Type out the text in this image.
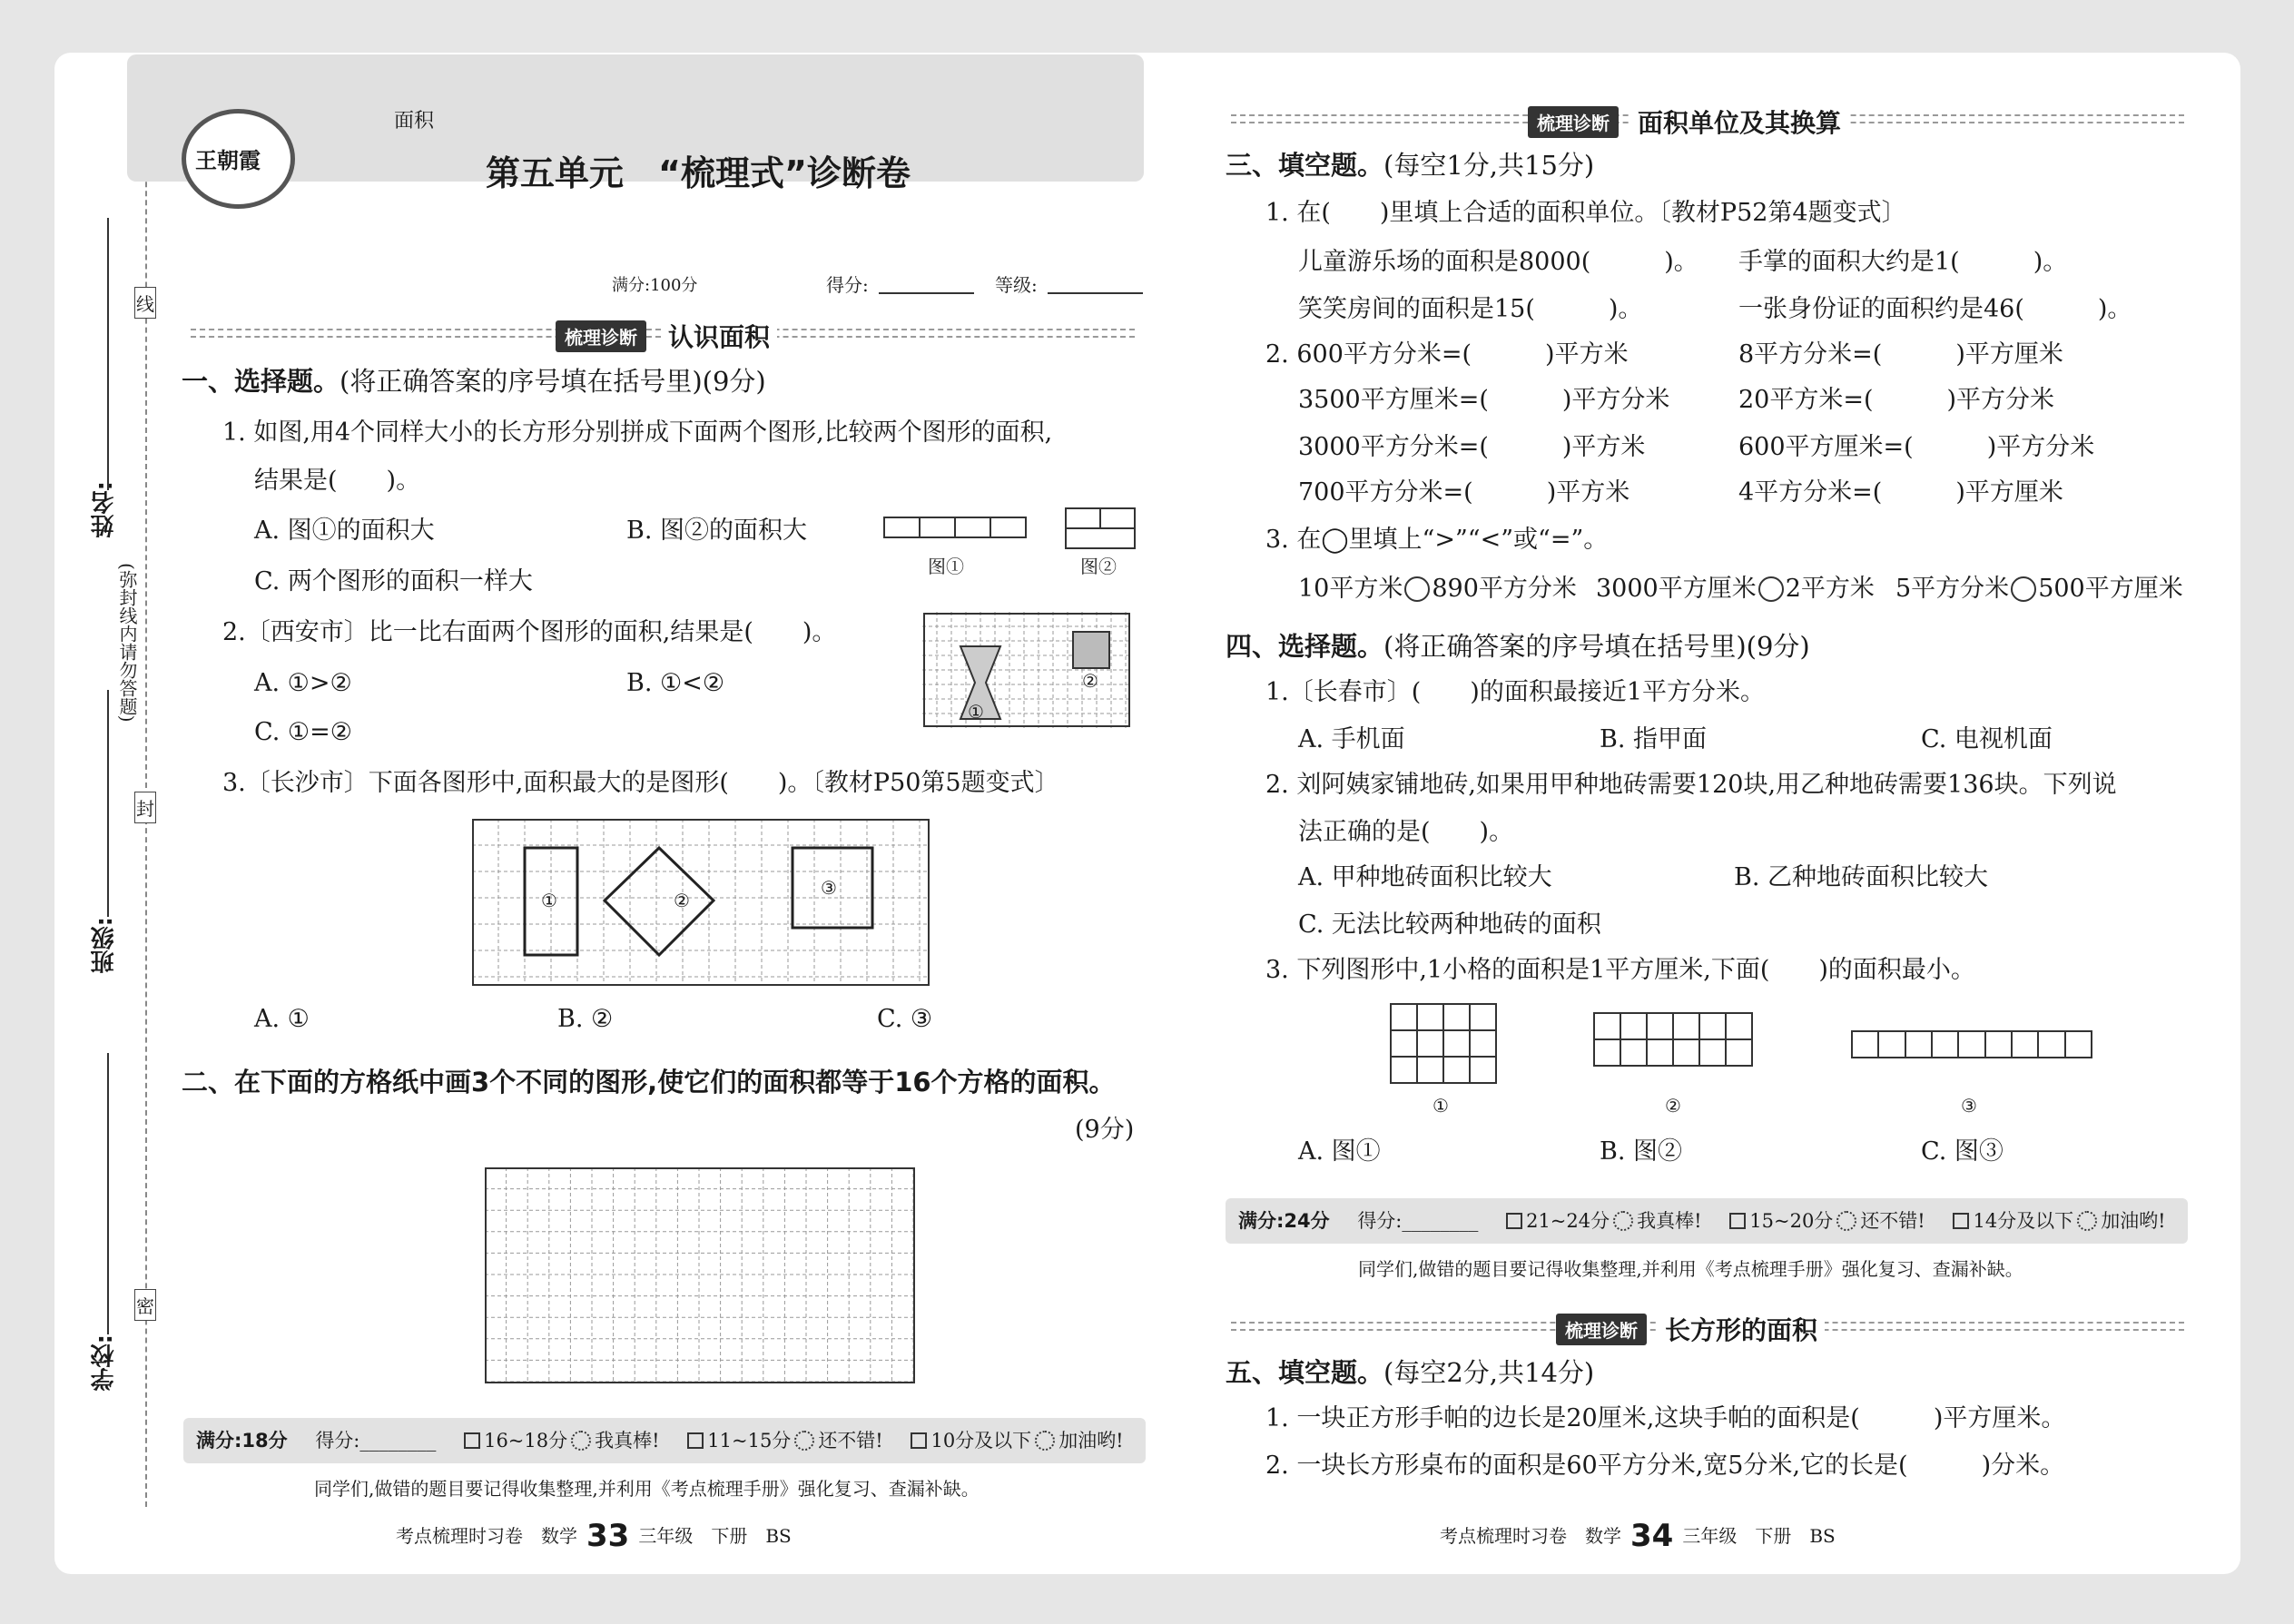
线
封
密
(弥封线内请勿答题)
姓名:
班级:
学校:
王朝霞
面积
第五单元　“梳理式”诊断卷
满分:100分	得分:	等级:
梳理诊断	认识面积
一、选择题。(将正确答案的序号填在括号里)(9分)
1. 如图,用4个同样大小的长方形分别拼成下面两个图形,比较两个图形的面积,
结果是(　　)。
A. 图①的面积大	B. 图②的面积大
C. 两个图形的面积一样大
图①	图②
2.〔西安市〕比一比右面两个图形的面积,结果是(　　)。
A. ①>②	B. ①<②
C. ①=②
①
②
3.〔长沙市〕下面各图形中,面积最大的是图形(　　)。〔教材P50第5题变式〕
①	②
③
A. ①	B. ②	C. ③
二、在下面的方格纸中画3个不同的图形,使它们的面积都等于16个方格的面积。
(9分)
满分:18分 得分:________	16~18分 我真棒!	11~15分 还不错!	10分及以下 加油哟!
同学们,做错的题目要记得收集整理,并利用《考点梳理手册》强化复习、查漏补缺。
考点梳理时习卷　数学 33 三年级　下册　BS
梳理诊断	面积单位及其换算
三、填空题。(每空1分,共15分)
1. 在(　　)里填上合适的面积单位。〔教材P52第4题变式〕
儿童游乐场的面积是8000(　　　)。 手掌的面积大约是1(　　　)。
笑笑房间的面积是15(　　　)。	一张身份证的面积约是46(　　　)。
2. 600平方分米=(　　　)平方米	8平方分米=(　　　)平方厘米
3500平方厘米=(　　　)平方分米	20平方米=(　　　)平方分米
3000平方分米=(　　　)平方米	600平方厘米=(　　　)平方分米
700平方分米=(　　　)平方米	4平方分米=(　　　)平方厘米
3. 在◯里填上“>”“<”或“=”。
10平方米 890平方分米 3000平方厘米 2平方米 5平方分米 500平方厘米
四、选择题。(将正确答案的序号填在括号里)(9分)
1.〔长春市〕(　　)的面积最接近1平方分米。
A. 手机面	B. 指甲面	C. 电视机面
2. 刘阿姨家铺地砖,如果用甲种地砖需要120块,用乙种地砖需要136块。下列说
法正确的是(　　)。
A. 甲种地砖面积比较大	B. 乙种地砖面积比较大
C. 无法比较两种地砖的面积
3. 下列图形中,1小格的面积是1平方厘米,下面(　　)的面积最小。
①	②	③
A. 图①	B. 图②	C. 图③
满分:24分 得分:________	21~24分 我真棒!	15~20分 还不错!	14分及以下 加油哟!
同学们,做错的题目要记得收集整理,并利用《考点梳理手册》强化复习、查漏补缺。
梳理诊断	长方形的面积
五、填空题。(每空2分,共14分)
1. 一块正方形手帕的边长是20厘米,这块手帕的面积是(　　　)平方厘米。
2. 一块长方形桌布的面积是60平方分米,宽5分米,它的长是(　　　)分米。
考点梳理时习卷　数学 34 三年级　下册　BS
